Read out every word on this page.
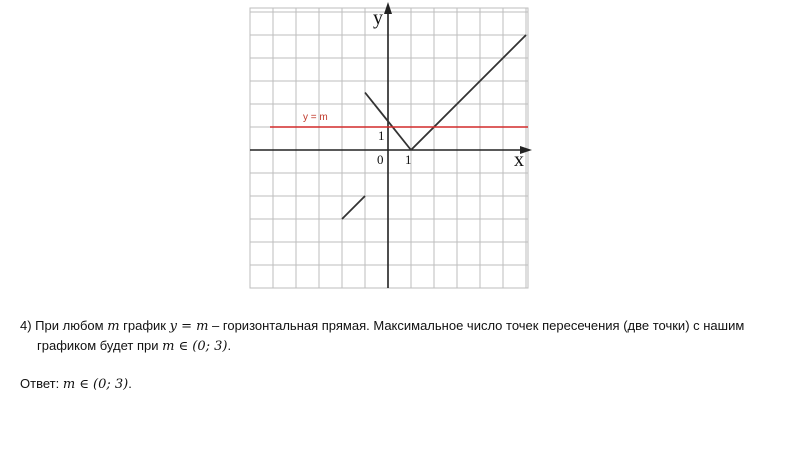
y = m
y
x
0 1
1
4) При любом m график y = m – горизонтальная прямая. Максимальное число точек пересечения (две точки) с нашим
графиком будет при m ∈ (0; 3).
Ответ: m ∈ (0; 3).
